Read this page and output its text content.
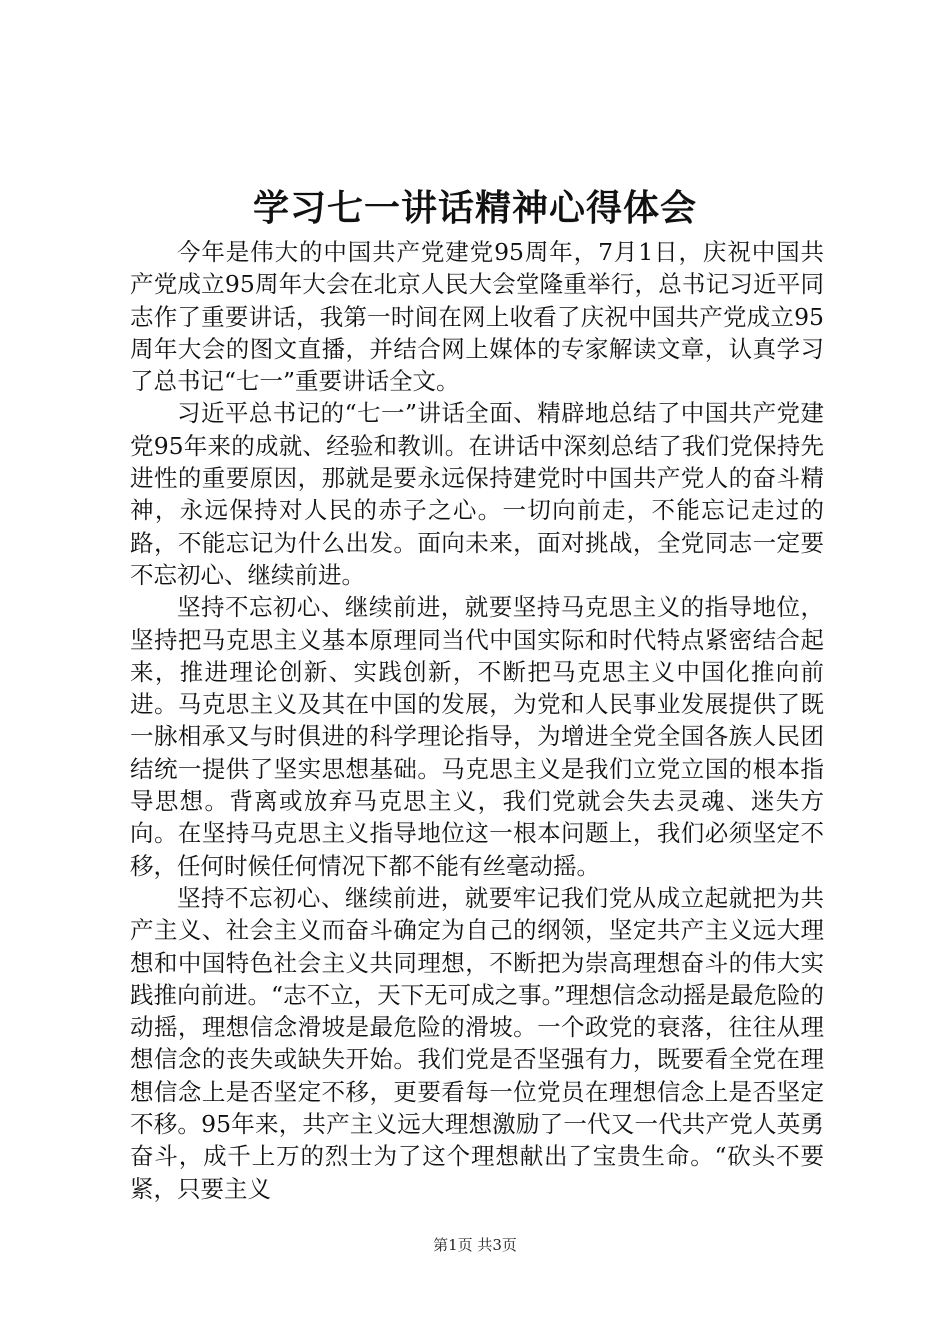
学习七一讲话精神心得体会

今年是伟大的中国共产党建党95周年，7月1日，庆祝中国共产党成立95周年大会在北京人民大会堂隆重举行，总书记习近平同志作了重要讲话，我第一时间在网上收看了庆祝中国共产党成立95周年大会的图文直播，并结合网上媒体的专家解读文章，认真学习了总书记“七一”重要讲话全文。

习近平总书记的“七一”讲话全面、精辟地总结了中国共产党建党95年来的成就、经验和教训。在讲话中深刻总结了我们党保持先进性的重要原因，那就是要永远保持建党时中国共产党人的奋斗精神，永远保持对人民的赤子之心。一切向前走，不能忘记走过的路，不能忘记为什么出发。面向未来，面对挑战，全党同志一定要不忘初心、继续前进。

坚持不忘初心、继续前进，就要坚持马克思主义的指导地位，坚持把马克思主义基本原理同当代中国实际和时代特点紧密结合起来，推进理论创新、实践创新，不断把马克思主义中国化推向前进。马克思主义及其在中国的发展，为党和人民事业发展提供了既一脉相承又与时俱进的科学理论指导，为增进全党全国各族人民团结统一提供了坚实思想基础。马克思主义是我们立党立国的根本指导思想。背离或放弃马克思主义，我们党就会失去灵魂、迷失方向。在坚持马克思主义指导地位这一根本问题上，我们必须坚定不移，任何时候任何情况下都不能有丝毫动摇。

坚持不忘初心、继续前进，就要牢记我们党从成立起就把为共产主义、社会主义而奋斗确定为自己的纲领，坚定共产主义远大理想和中国特色社会主义共同理想，不断把为崇高理想奋斗的伟大实践推向前进。“志不立，天下无可成之事。”理想信念动摇是最危险的动摇，理想信念滑坡是最危险的滑坡。一个政党的衰落，往往从理想信念的丧失或缺失开始。我们党是否坚强有力，既要看全党在理想信念上是否坚定不移，更要看每一位党员在理想信念上是否坚定不移。95年来，共产主义远大理想激励了一代又一代共产党人英勇奋斗，成千上万的烈士为了这个理想献出了宝贵生命。“砍头不要紧，只要主义

第1页 共3页
